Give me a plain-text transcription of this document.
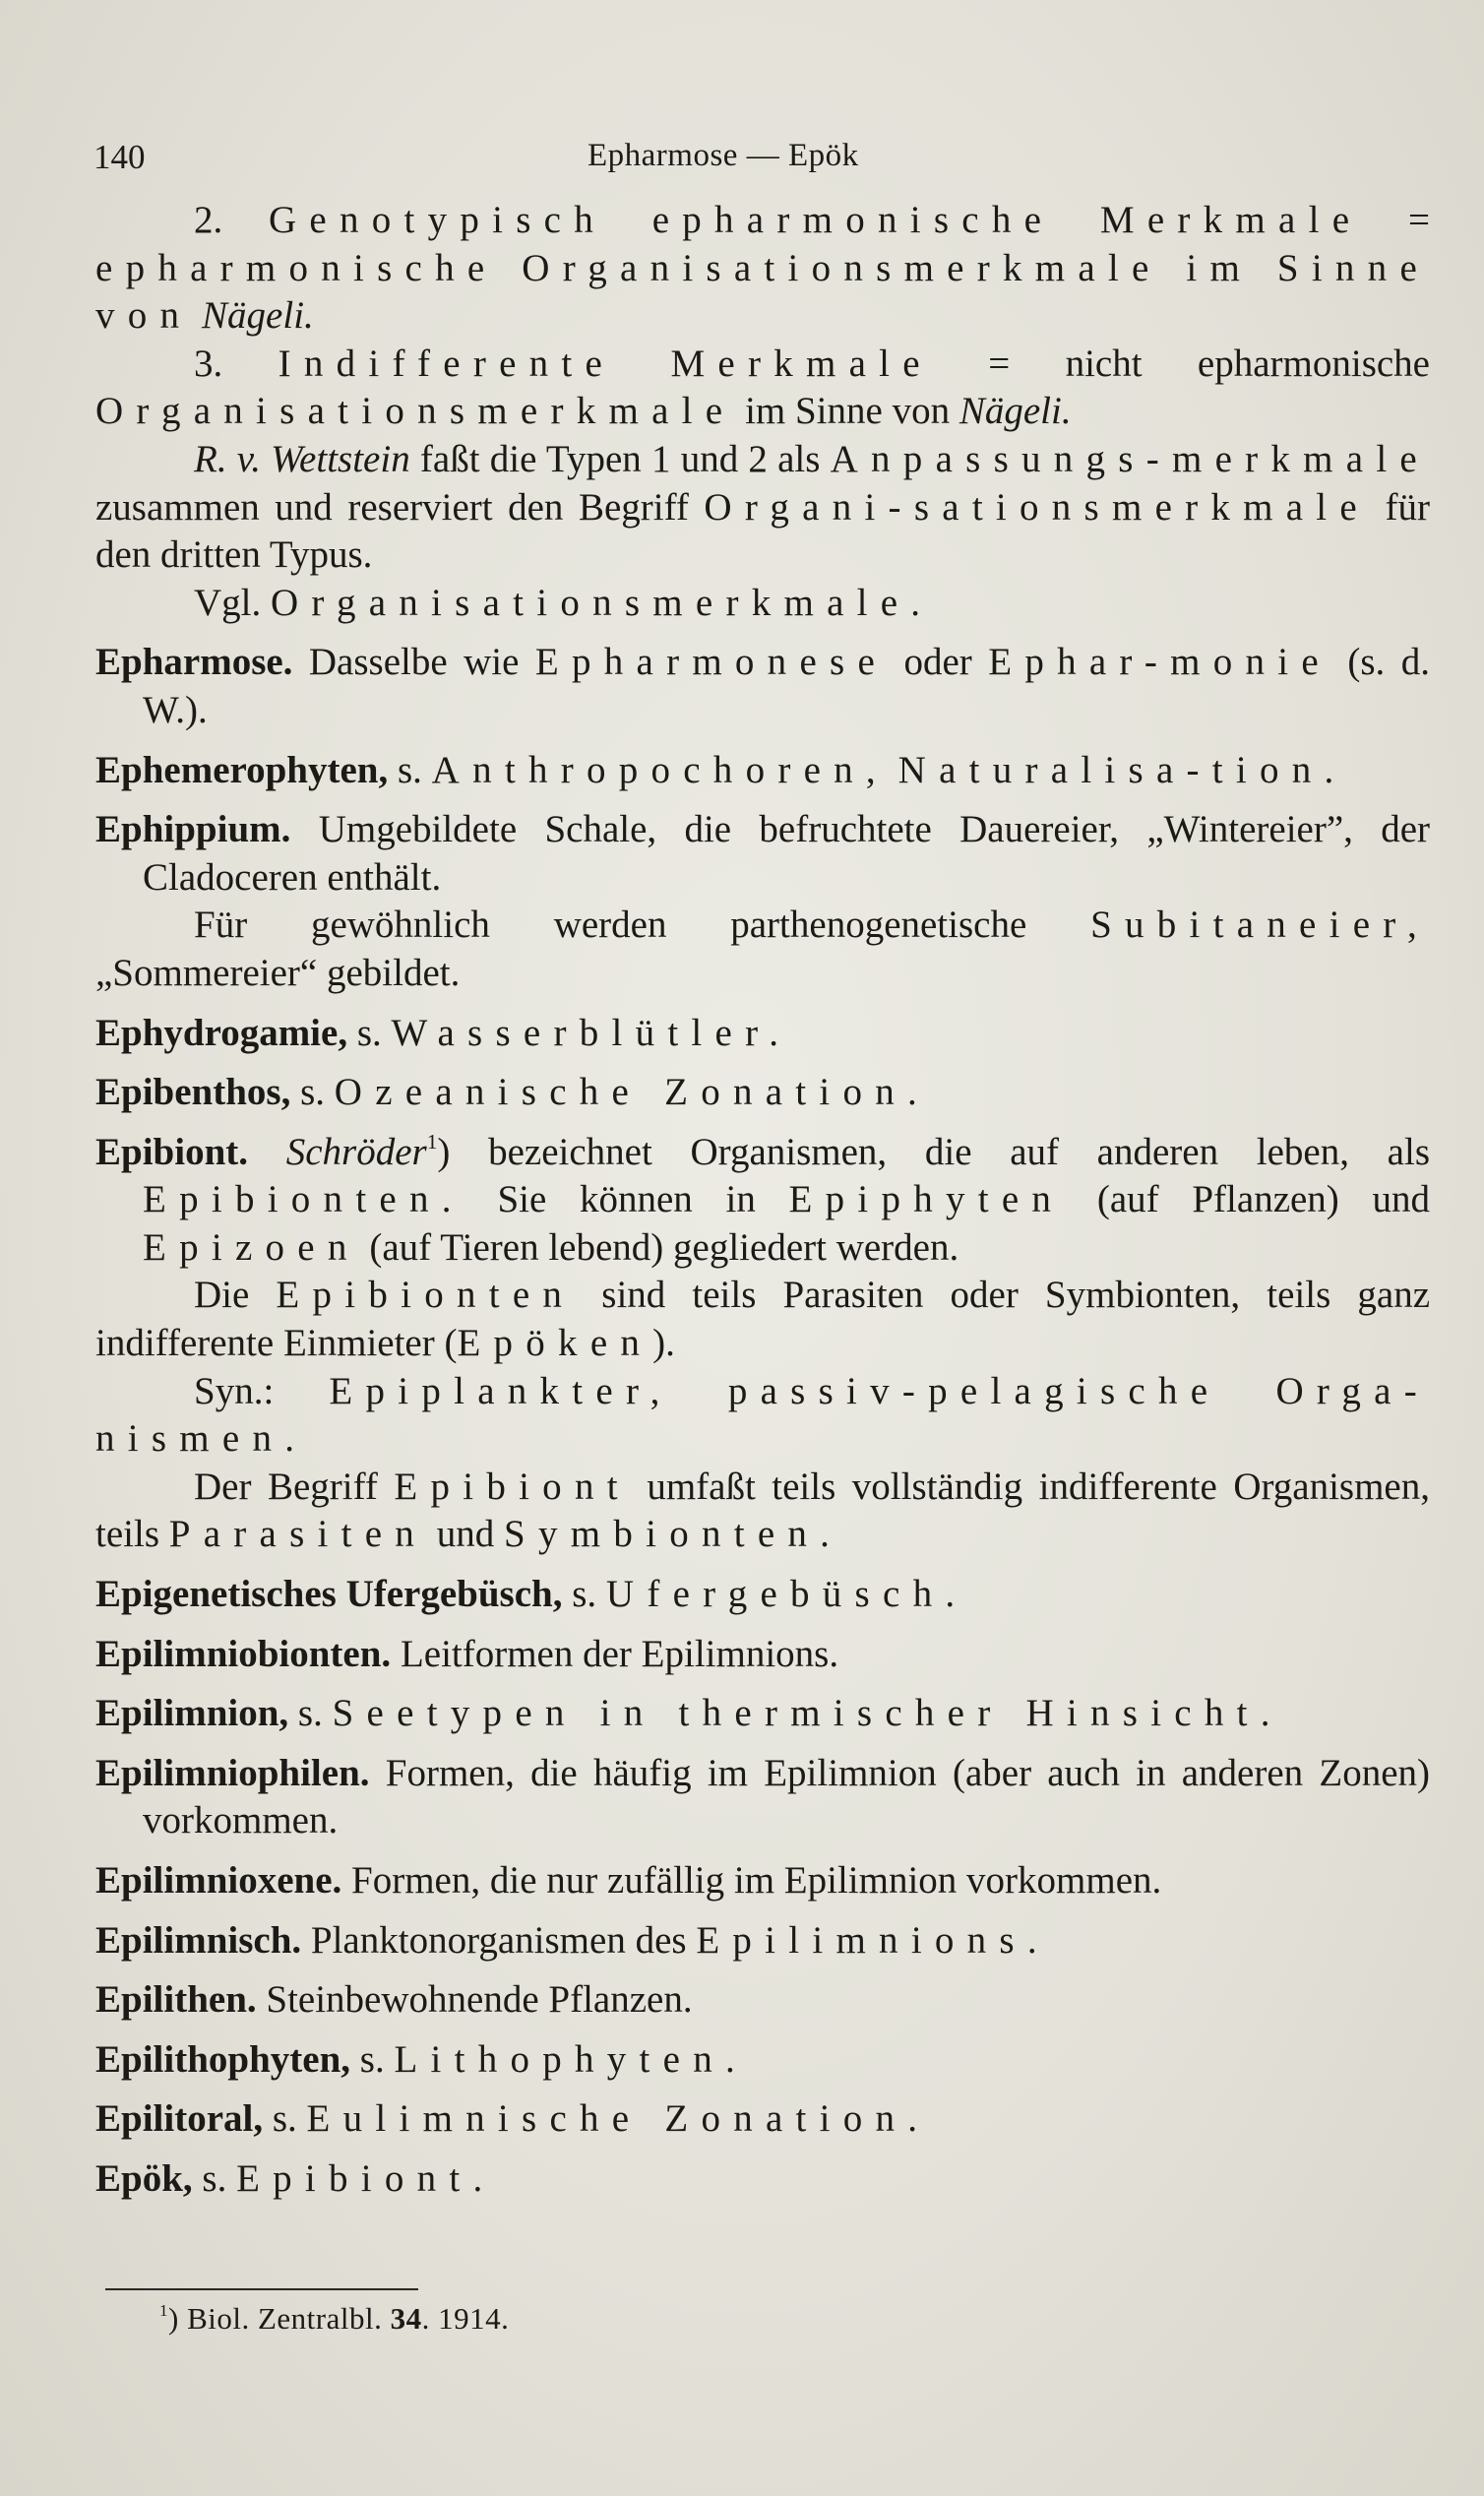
140	Epharmose — Epök

2. Genotypisch epharmonische Merkmale = epharmonische Organisationsmerkmale im Sinne von Nägeli.

3. Indifferente Merkmale = nicht epharmonische Organisationsmerkmale im Sinne von Nägeli.

R. v. Wettstein faßt die Typen 1 und 2 als Anpassungs-merkmale zusammen und reserviert den Begriff Organi-sationsmerkmale für den dritten Typus.

Vgl. Organisationsmerkmale.

Epharmose. Dasselbe wie Epharmonese oder Ephar-monie (s. d. W.).

Ephemerophyten, s. Anthropochoren, Naturalisa-tion.

Ephippium. Umgebildete Schale, die befruchtete Dauereier, „Wintereier”, der Cladoceren enthält.

Für gewöhnlich werden parthenogenetische Subitaneier, „Sommereier“ gebildet.

Ephydrogamie, s. Wasserblütler.

Epibenthos, s. Ozeanische Zonation.

Epibiont. Schröder$^1$) bezeichnet Organismen, die auf anderen leben, als Epibionten. Sie können in Epiphyten (auf Pflanzen) und Epizoen (auf Tieren lebend) gegliedert werden.

Die Epibionten sind teils Parasiten oder Symbionten, teils ganz indifferente Einmieter (Epöken).

Syn.: Epiplankter, passiv-pelagische Orga-nismen.

Der Begriff Epibiont umfaßt teils vollständig indifferente Organismen, teils Parasiten und Symbionten.

Epigenetisches Ufergebüsch, s. Ufergebüsch.

Epilimniobionten. Leitformen der Epilimnions.

Epilimnion, s. Seetypen in thermischer Hinsicht.

Epilimniophilen. Formen, die häufig im Epilimnion (aber auch in anderen Zonen) vorkommen.

Epilimnioxene. Formen, die nur zufällig im Epilimnion vorkommen.

Epilimnisch. Planktonorganismen des Epilimnions.

Epilithen. Steinbewohnende Pflanzen.

Epilithophyten, s. Lithophyten.

Epilitoral, s. Eulimnische Zonation.

Epök, s. Epibiont.

$^1$) Biol. Zentralbl. 34. 1914.
